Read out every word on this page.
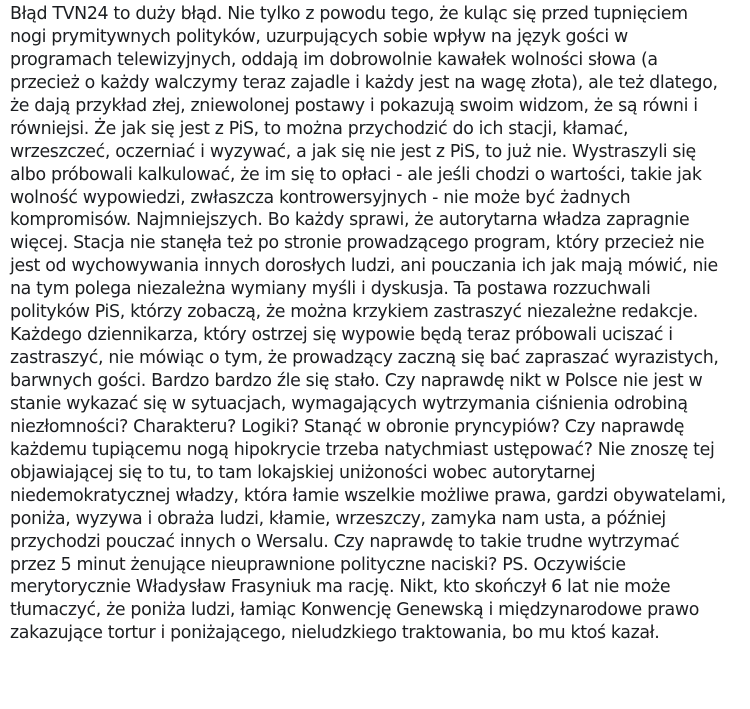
Błąd TVN24 to duży błąd. Nie tylko z powodu tego, że kuląc się przed tupnięciem
nogi prymitywnych polityków, uzurpujących sobie wpływ na język gości w
programach telewizyjnych, oddają im dobrowolnie kawałek wolności słowa (a
przecież o każdy walczymy teraz zajadle i każdy jest na wagę złota), ale też dlatego,
że dają przykład złej, zniewolonej postawy i pokazują swoim widzom, że są równi i
równiejsi. Że jak się jest z PiS, to można przychodzić do ich stacji, kłamać,
wrzeszczeć, oczerniać i wyzywać, a jak się nie jest z PiS, to już nie. Wystraszyli się
albo próbowali kalkulować, że im się to opłaci - ale jeśli chodzi o wartości, takie jak
wolność wypowiedzi, zwłaszcza kontrowersyjnych - nie może być żadnych
kompromisów. Najmniejszych. Bo każdy sprawi, że autorytarna władza zapragnie
więcej. Stacja nie stanęła też po stronie prowadzącego program, który przecież nie
jest od wychowywania innych dorosłych ludzi, ani pouczania ich jak mają mówić, nie
na tym polega niezależna wymiany myśli i dyskusja. Ta postawa rozzuchwali
polityków PiS, którzy zobaczą, że można krzykiem zastraszyć niezależne redakcje.
Każdego dziennikarza, który ostrzej się wypowie będą teraz próbowali uciszać i
zastraszyć, nie mówiąc o tym, że prowadzący zaczną się bać zapraszać wyrazistych,
barwnych gości. Bardzo bardzo źle się stało. Czy naprawdę nikt w Polsce nie jest w
stanie wykazać się w sytuacjach, wymagających wytrzymania ciśnienia odrobiną
niezłomności? Charakteru? Logiki? Stanąć w obronie pryncypiów? Czy naprawdę
każdemu tupiącemu nogą hipokrycie trzeba natychmiast ustępować? Nie znoszę tej
objawiającej się to tu, to tam lokajskiej uniżoności wobec autorytarnej
niedemokratycznej władzy, która łamie wszelkie możliwe prawa, gardzi obywatelami,
poniża, wyzywa i obraża ludzi, kłamie, wrzeszczy, zamyka nam usta, a później
przychodzi pouczać innych o Wersalu. Czy naprawdę to takie trudne wytrzymać
przez 5 minut żenujące nieuprawnione polityczne naciski? PS. Oczywiście
merytorycznie Władysław Frasyniuk ma rację. Nikt, kto skończył 6 lat nie może
tłumaczyć, że poniża ludzi, łamiąc Konwencję Genewską i międzynarodowe prawo
zakazujące tortur i poniżającego, nieludzkiego traktowania, bo mu ktoś kazał.
